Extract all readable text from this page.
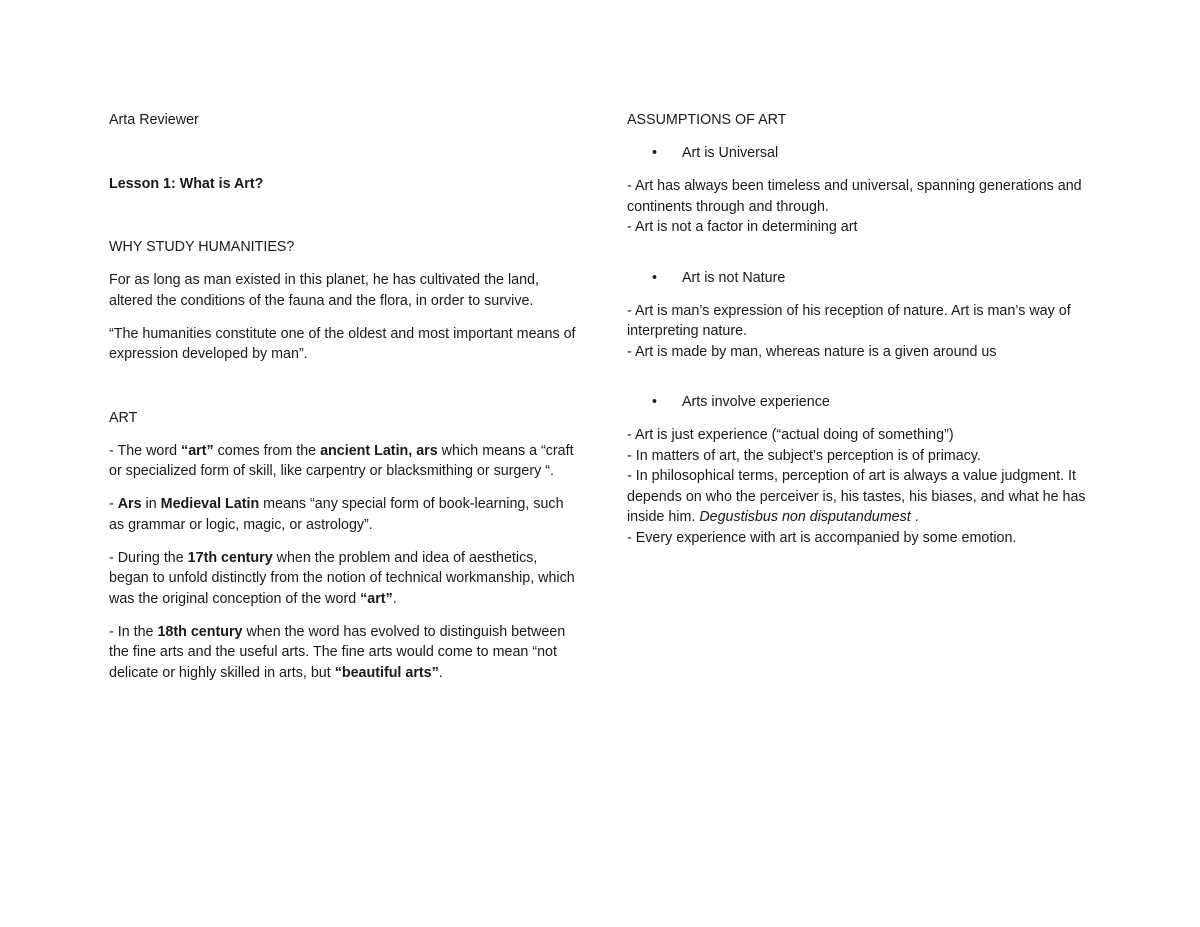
Arta Reviewer

Lesson 1: What is Art?

WHY STUDY HUMANITIES?

For as long as man existed in this planet, he has cultivated the land, altered the conditions of the fauna and the flora, in order to survive.

“The humanities constitute one of the oldest and most important means of expression developed by man”.

ART

- The word “art” comes from the ancient Latin, ars which means a “craft or specialized form of skill, like carpentry or blacksmithing or surgery “.

- Ars in Medieval Latin means “any special form of book-learning, such as grammar or logic, magic, or astrology”.

- During the 17th century when the problem and idea of aesthetics, began to unfold distinctly from the notion of technical workmanship, which was the original conception of the word “art”.

- In the 18th century when the word has evolved to distinguish between the fine arts and the useful arts. The fine arts would come to mean “not delicate or highly skilled in arts, but “beautiful arts”.

ASSUMPTIONS OF ART

• Art is Universal

- Art has always been timeless and universal, spanning generations and continents through and through.

- Art is not a factor in determining art

• Art is not Nature

- Art is man’s expression of his reception of nature. Art is man’s way of interpreting nature.

- Art is made by man, whereas nature is a given around us

• Arts involve experience

- Art is just experience (“actual doing of something”)

- In matters of art, the subject’s perception is of primacy.

- In philosophical terms, perception of art is always a value judgment. It depends on who the perceiver is, his tastes, his biases, and what he has inside him. Degustisbus non disputandumest .

- Every experience with art is accompanied by some emotion.
